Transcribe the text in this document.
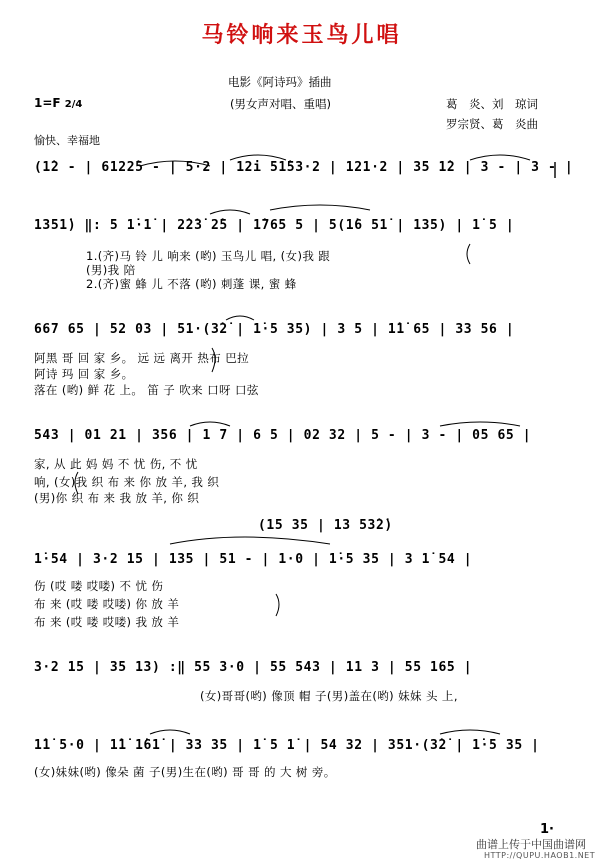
马铃响来玉鸟儿唱
电影《阿诗玛》插曲
(男女声对唱、重唱)
1=F 2/4	葛　炎、刘　琼词
罗宗贤、葛　炎曲
愉快、幸福地
(1̇2 - | 6122̇5 - | 5·2 | 12i 51̇53·2 | 121·2 | 35 1̇2 | 3 - | 3 - |
1351̇) ‖: 5 1̇·1̇ | 2̇2̇3̇ 2̇5 | 1̇765 5 | 5(1̇6 51̇ | 135) | 1̇ 5 |
1.(齐)马 铃 儿 响来 (哟) 玉鸟儿 唱, (女)我 跟
(男)我 陪
2.(齐)蜜 蜂 儿 不落 (哟) 刺蓬 课, 蜜 蜂
667 65 | 52 03 | 51·(3̇2̇ | 1̇·5 35) | 3 5 | 1̇1̇ 65 | 33 56 |
阿黑 哥 回 家 乡。 远 远 离开 热布 巴拉
阿诗 玛 回 家 乡。
落在 (哟) 鲜 花 上。 笛 子 吹来 口呀 口弦
543 | 01 21 | 356 | 1 7 | 6 5 | 02 32 | 5 - | 3 - | 05 65 |
家, 从 此 妈 妈 不 忧 伤, 不 忧
响, (女)我 织 布 来 你 放 羊, 我 织
(男)你 织 布 来 我 放 羊, 你 织
(15 35 | 13 53̇2̇)
1̇·54 | 3·2 15 | 135 | 51 - | 1·0 | 1̇·5 35 | 3 1̇ 54 |
伤 (哎 喽 哎喽) 不 忧 伤
布 来 (哎 喽 哎喽) 你 放 羊
布 来 (哎 喽 哎喽) 我 放 羊
3·2 15 | 35 13) :‖ 55 3·0 | 55 543 | 11 3 | 55 165 |
(女)哥哥(哟) 像顶 帽 子(男)盖在(哟) 妹妹 头 上,
1̇1̇ 5·0 | 1̇1̇ 1̇61̇ | 33 35 | 1̇ 5 1̇ | 54 32 | 351·(3̇2̇ | 1̇·5 35 |
(女)妹妹(哟) 像朵 菌 子(男)生在(哟) 哥 哥 的 大 树 旁。
1·
曲谱上传于中国曲谱网
HTTP://QUPU.HAOB1.NET
